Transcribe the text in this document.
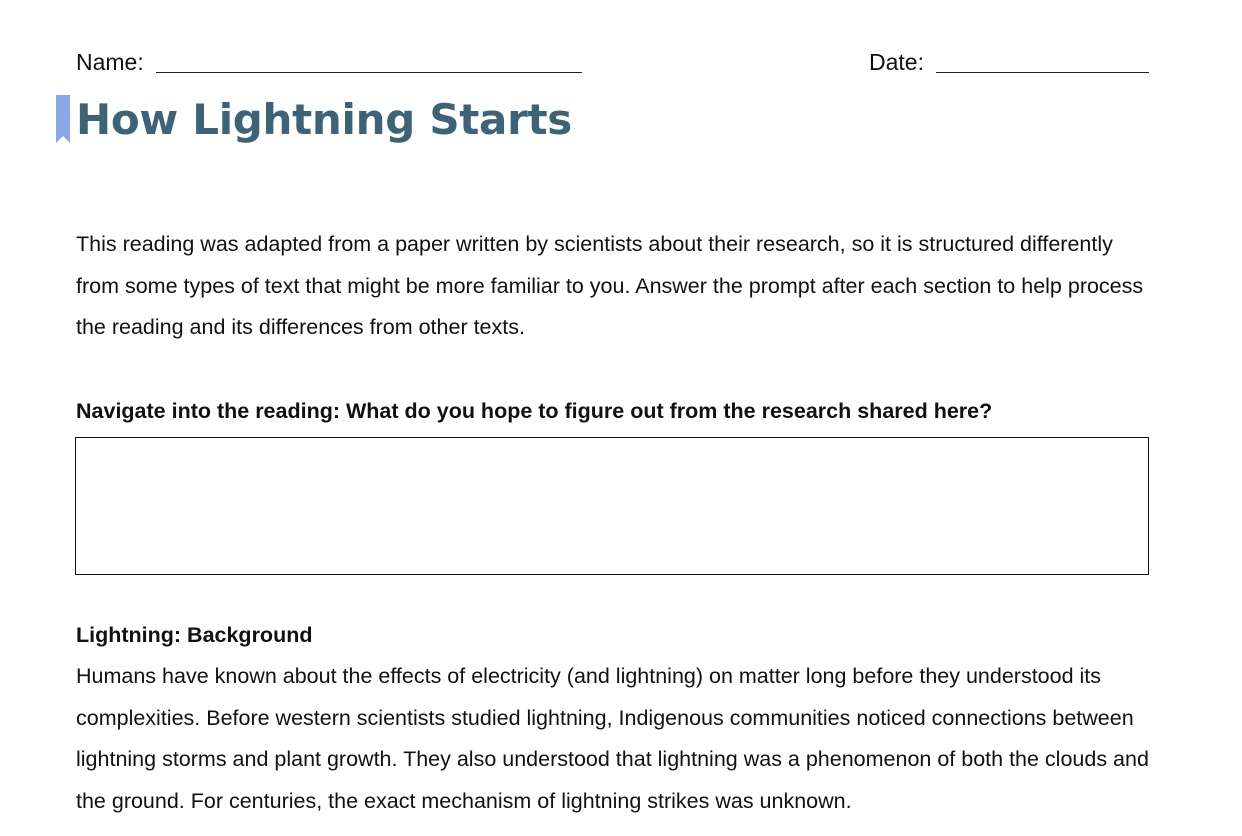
Name:	Date:
How Lightning Starts

This reading was adapted from a paper written by scientists about their research, so it is structured differently from some types of text that might be more familiar to you. Answer the prompt after each section to help process the reading and its differences from other texts.

Navigate into the reading: What do you hope to figure out from the research shared here?

Lightning: Background

Humans have known about the effects of electricity (and lightning) on matter long before they understood its complexities. Before western scientists studied lightning, Indigenous communities noticed connections between lightning storms and plant growth. They also understood that lightning was a phenomenon of both the clouds and the ground. For centuries, the exact mechanism of lightning strikes was unknown.
